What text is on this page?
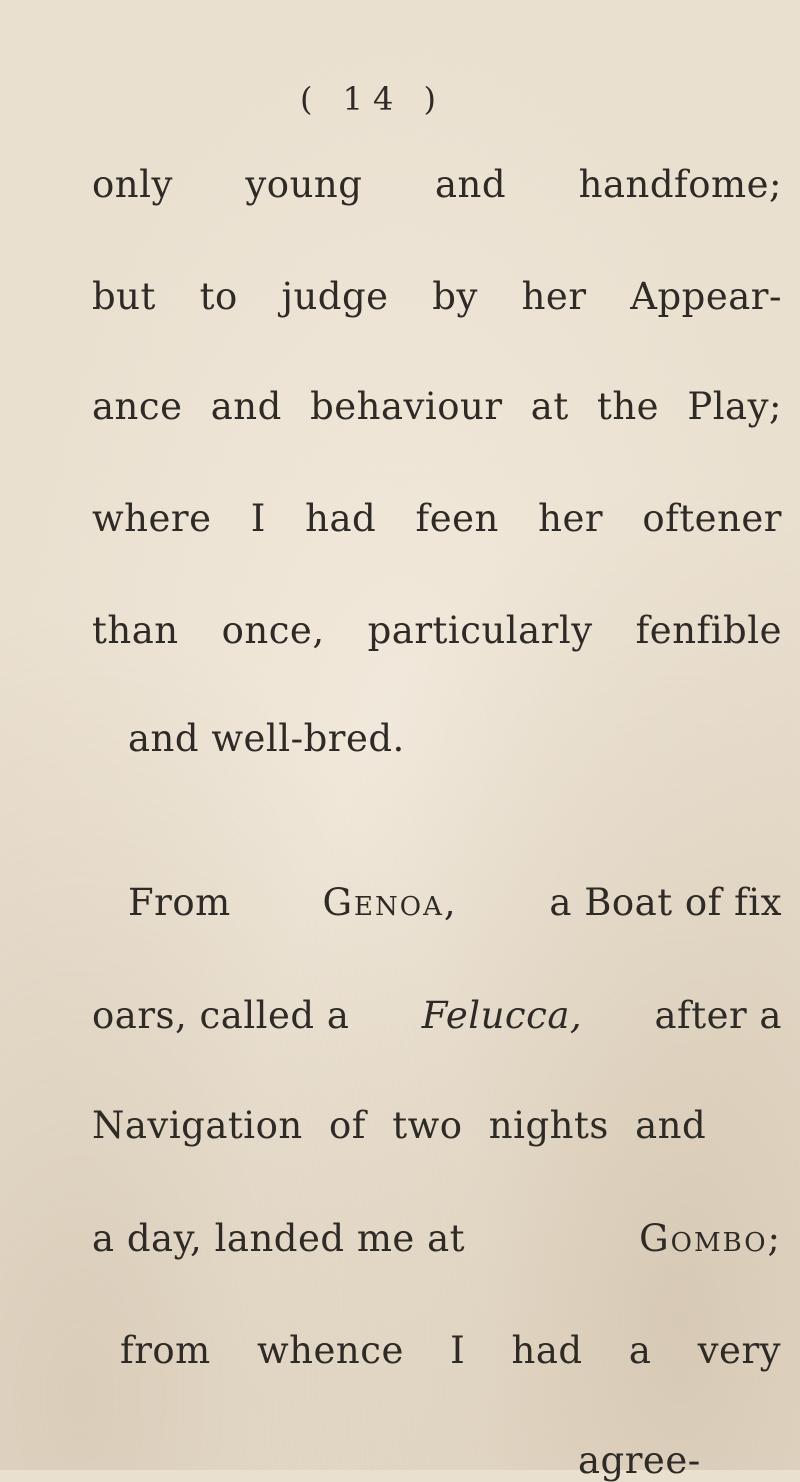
( 14 )
only young and handfome;
but to judge by her Appear-
ance and behaviour at the Play;
where I had feen her oftener
than once, particularly fenfible
and well-bred.
From Genoa, a Boat of fix
oars, called a Felucca, after a
Navigation of two nights and
a day, landed me at	Gombo;
from whence I had a very
agree-
